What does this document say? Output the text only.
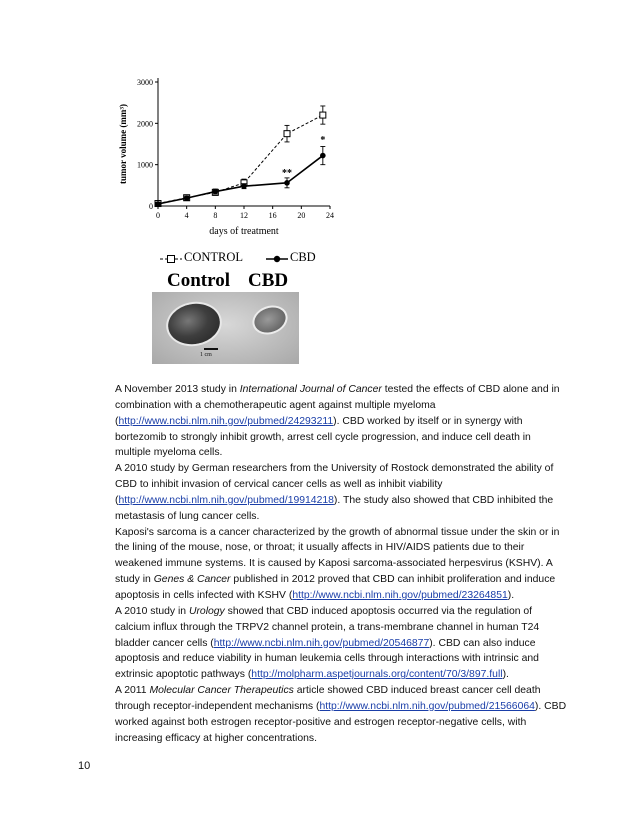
0
1000
2000
3000
0	4	8	12	16	20	24
days of treatment
tumor volume (mm³)	**
*
CONTROL	CBD
Control CBD
1 cm

A November 2013 study in International Journal of Cancer tested the effects of CBD alone and in combination with a chemotherapeutic agent against multiple myeloma (http://www.ncbi.nlm.nih.gov/pubmed/24293211). CBD worked by itself or in synergy with bortezomib to strongly inhibit growth, arrest cell cycle progression, and induce cell death in multiple myeloma cells.

A 2010 study by German researchers from the University of Rostock demonstrated the ability of CBD to inhibit invasion of cervical cancer cells as well as inhibit viability (http://www.ncbi.nlm.nih.gov/pubmed/19914218). The study also showed that CBD inhibited the metastasis of lung cancer cells.

Kaposi's sarcoma is a cancer characterized by the growth of abnormal tissue under the skin or in the lining of the mouse, nose, or throat; it usually affects in HIV/AIDS patients due to their weakened immune systems. It is caused by Kaposi sarcoma-associated herpesvirus (KSHV). A study in Genes & Cancer published in 2012 proved that CBD can inhibit proliferation and induce apoptosis in cells infected with KSHV (http://www.ncbi.nlm.nih.gov/pubmed/23264851).

A 2010 study in Urology showed that CBD induced apoptosis occurred via the regulation of calcium influx through the TRPV2 channel protein, a trans-membrane channel in human T24 bladder cancer cells (http://www.ncbi.nlm.nih.gov/pubmed/20546877). CBD can also induce apoptosis and reduce viability in human leukemia cells through interactions with intrinsic and extrinsic apoptotic pathways (http://molpharm.aspetjournals.org/content/70/3/897.full).

A 2011 Molecular Cancer Therapeutics article showed CBD induced breast cancer cell death through receptor-independent mechanisms (http://www.ncbi.nlm.nih.gov/pubmed/21566064). CBD worked against both estrogen receptor-positive and estrogen receptor-negative cells, with increasing efficacy at higher concentrations.

10
